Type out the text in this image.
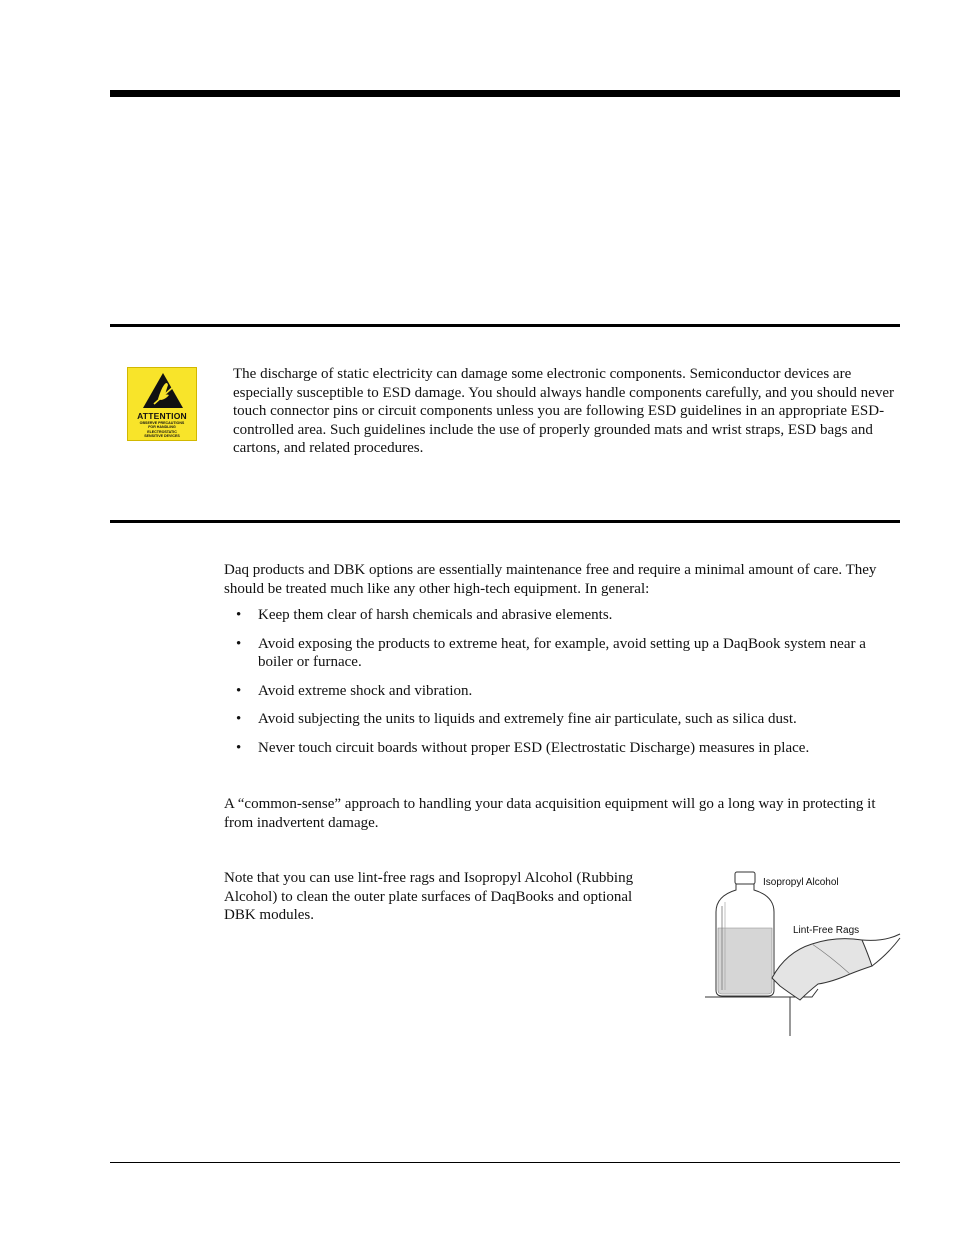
ATTENTION
OBSERVE PRECAUTIONS
FOR HANDLING
ELECTROSTATIC
SENSITIVE DEVICES

The discharge of static electricity can damage some electronic components. Semiconductor devices are especially susceptible to ESD damage. You should always handle components carefully, and you should never touch connector pins or circuit components unless you are following ESD guidelines in an appropriate ESD-controlled area. Such guidelines include the use of properly grounded mats and wrist straps, ESD bags and cartons, and related procedures.

Daq products and DBK options are essentially maintenance free and require a minimal amount of care. They should be treated much like any other high-tech equipment. In general:

• Keep them clear of harsh chemicals and abrasive elements.
• Avoid exposing the products to extreme heat, for example, avoid setting up a DaqBook system near a boiler or furnace.
• Avoid extreme shock and vibration.
• Avoid subjecting the units to liquids and extremely fine air particulate, such as silica dust.
• Never touch circuit boards without proper ESD (Electrostatic Discharge) measures in place.

A “common-sense” approach to handling your data acquisition equipment will go a long way in protecting it from inadvertent damage.

Note that you can use lint-free rags and Isopropyl Alcohol (Rubbing Alcohol) to clean the outer plate surfaces of DaqBooks and optional DBK modules.

Isopropyl Alcohol
Lint-Free Rags
